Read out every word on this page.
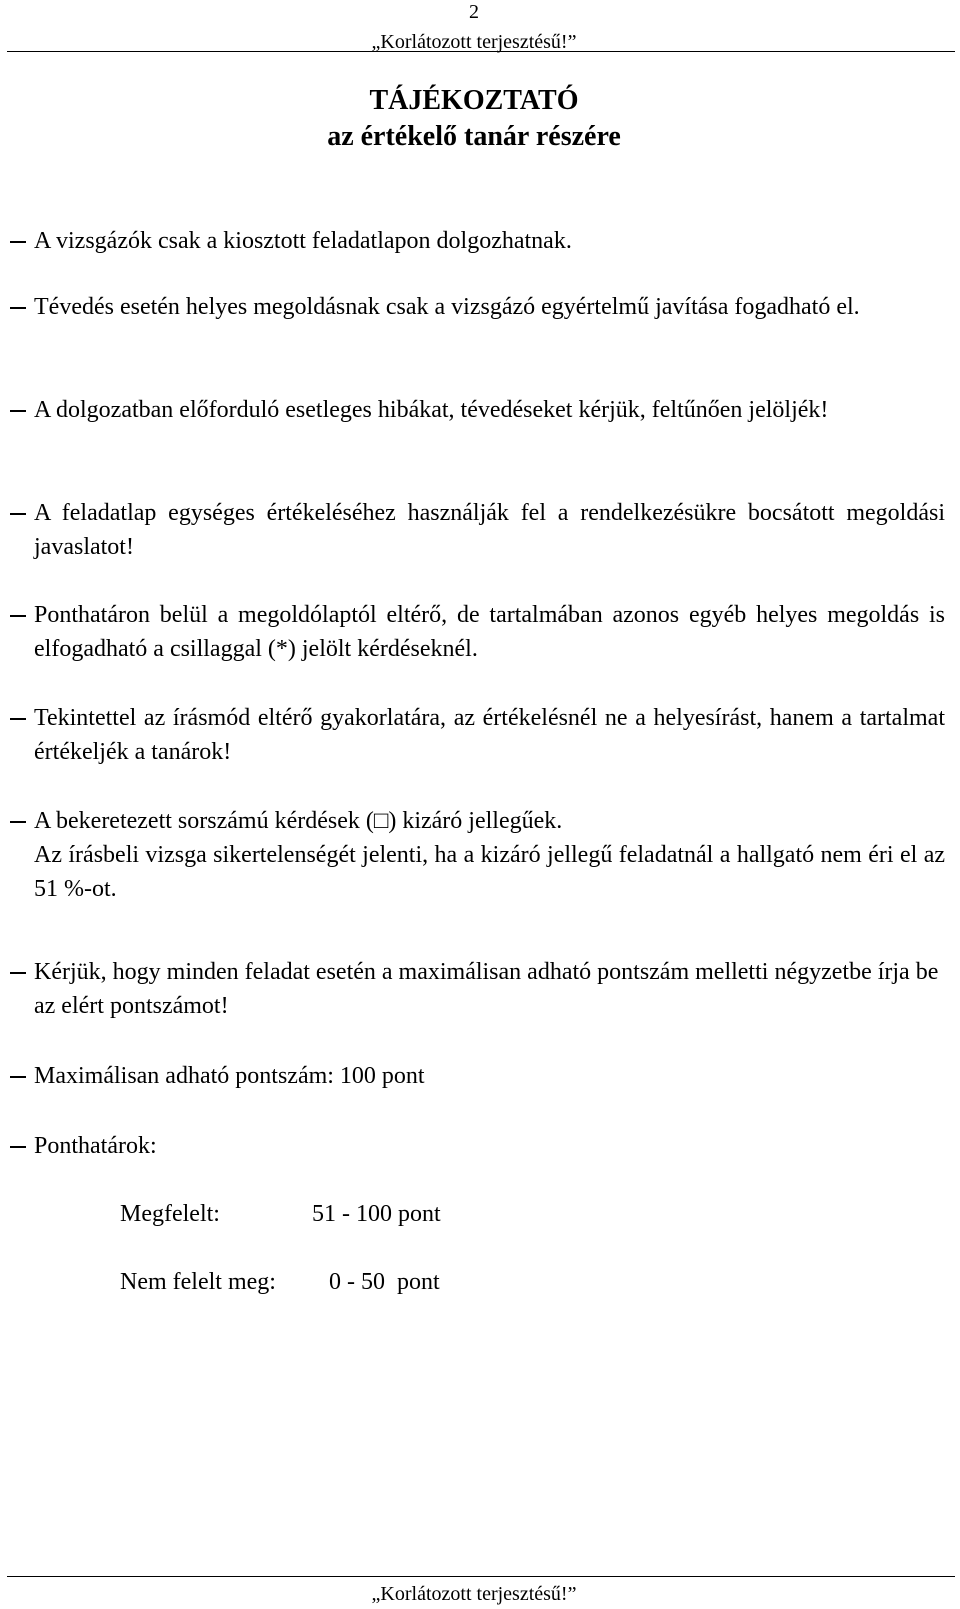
2
„Korlátozott terjesztésű!”
TÁJÉKOZTATÓ
az értékelő tanár részére
A vizsgázók csak a kiosztott feladatlapon dolgozhatnak.
Tévedés esetén helyes megoldásnak csak a vizsgázó egyértelmű javítása fogadható el.
A dolgozatban előforduló esetleges hibákat, tévedéseket kérjük, feltűnően jelöljék!
A feladatlap egységes értékeléséhez használják fel a rendelkezésükre bocsátott megoldási javaslatot!
Ponthatáron belül a megoldólaptól eltérő, de tartalmában azonos egyéb helyes megoldás is elfogadható a csillaggal (*) jelölt kérdéseknél.
Tekintettel az írásmód eltérő gyakorlatára, az értékelésnél ne a helyesírást, hanem a tartalmat értékeljék a tanárok!
A bekeretezett sorszámú kérdések (□) kizáró jellegűek.
Az írásbeli vizsga sikertelenségét jelenti, ha a kizáró jellegű feladatnál a hallgató nem éri el az 51 %-ot.
Kérjük, hogy minden feladat esetén a maximálisan adható pontszám melletti négyzetbe írja be az elért pontszámot!
Maximálisan adható pontszám: 100 pont
Ponthatárok:
Megfelelt:	51 - 100 pont
Nem felelt meg: 0 - 50  pont
„Korlátozott terjesztésű!”
